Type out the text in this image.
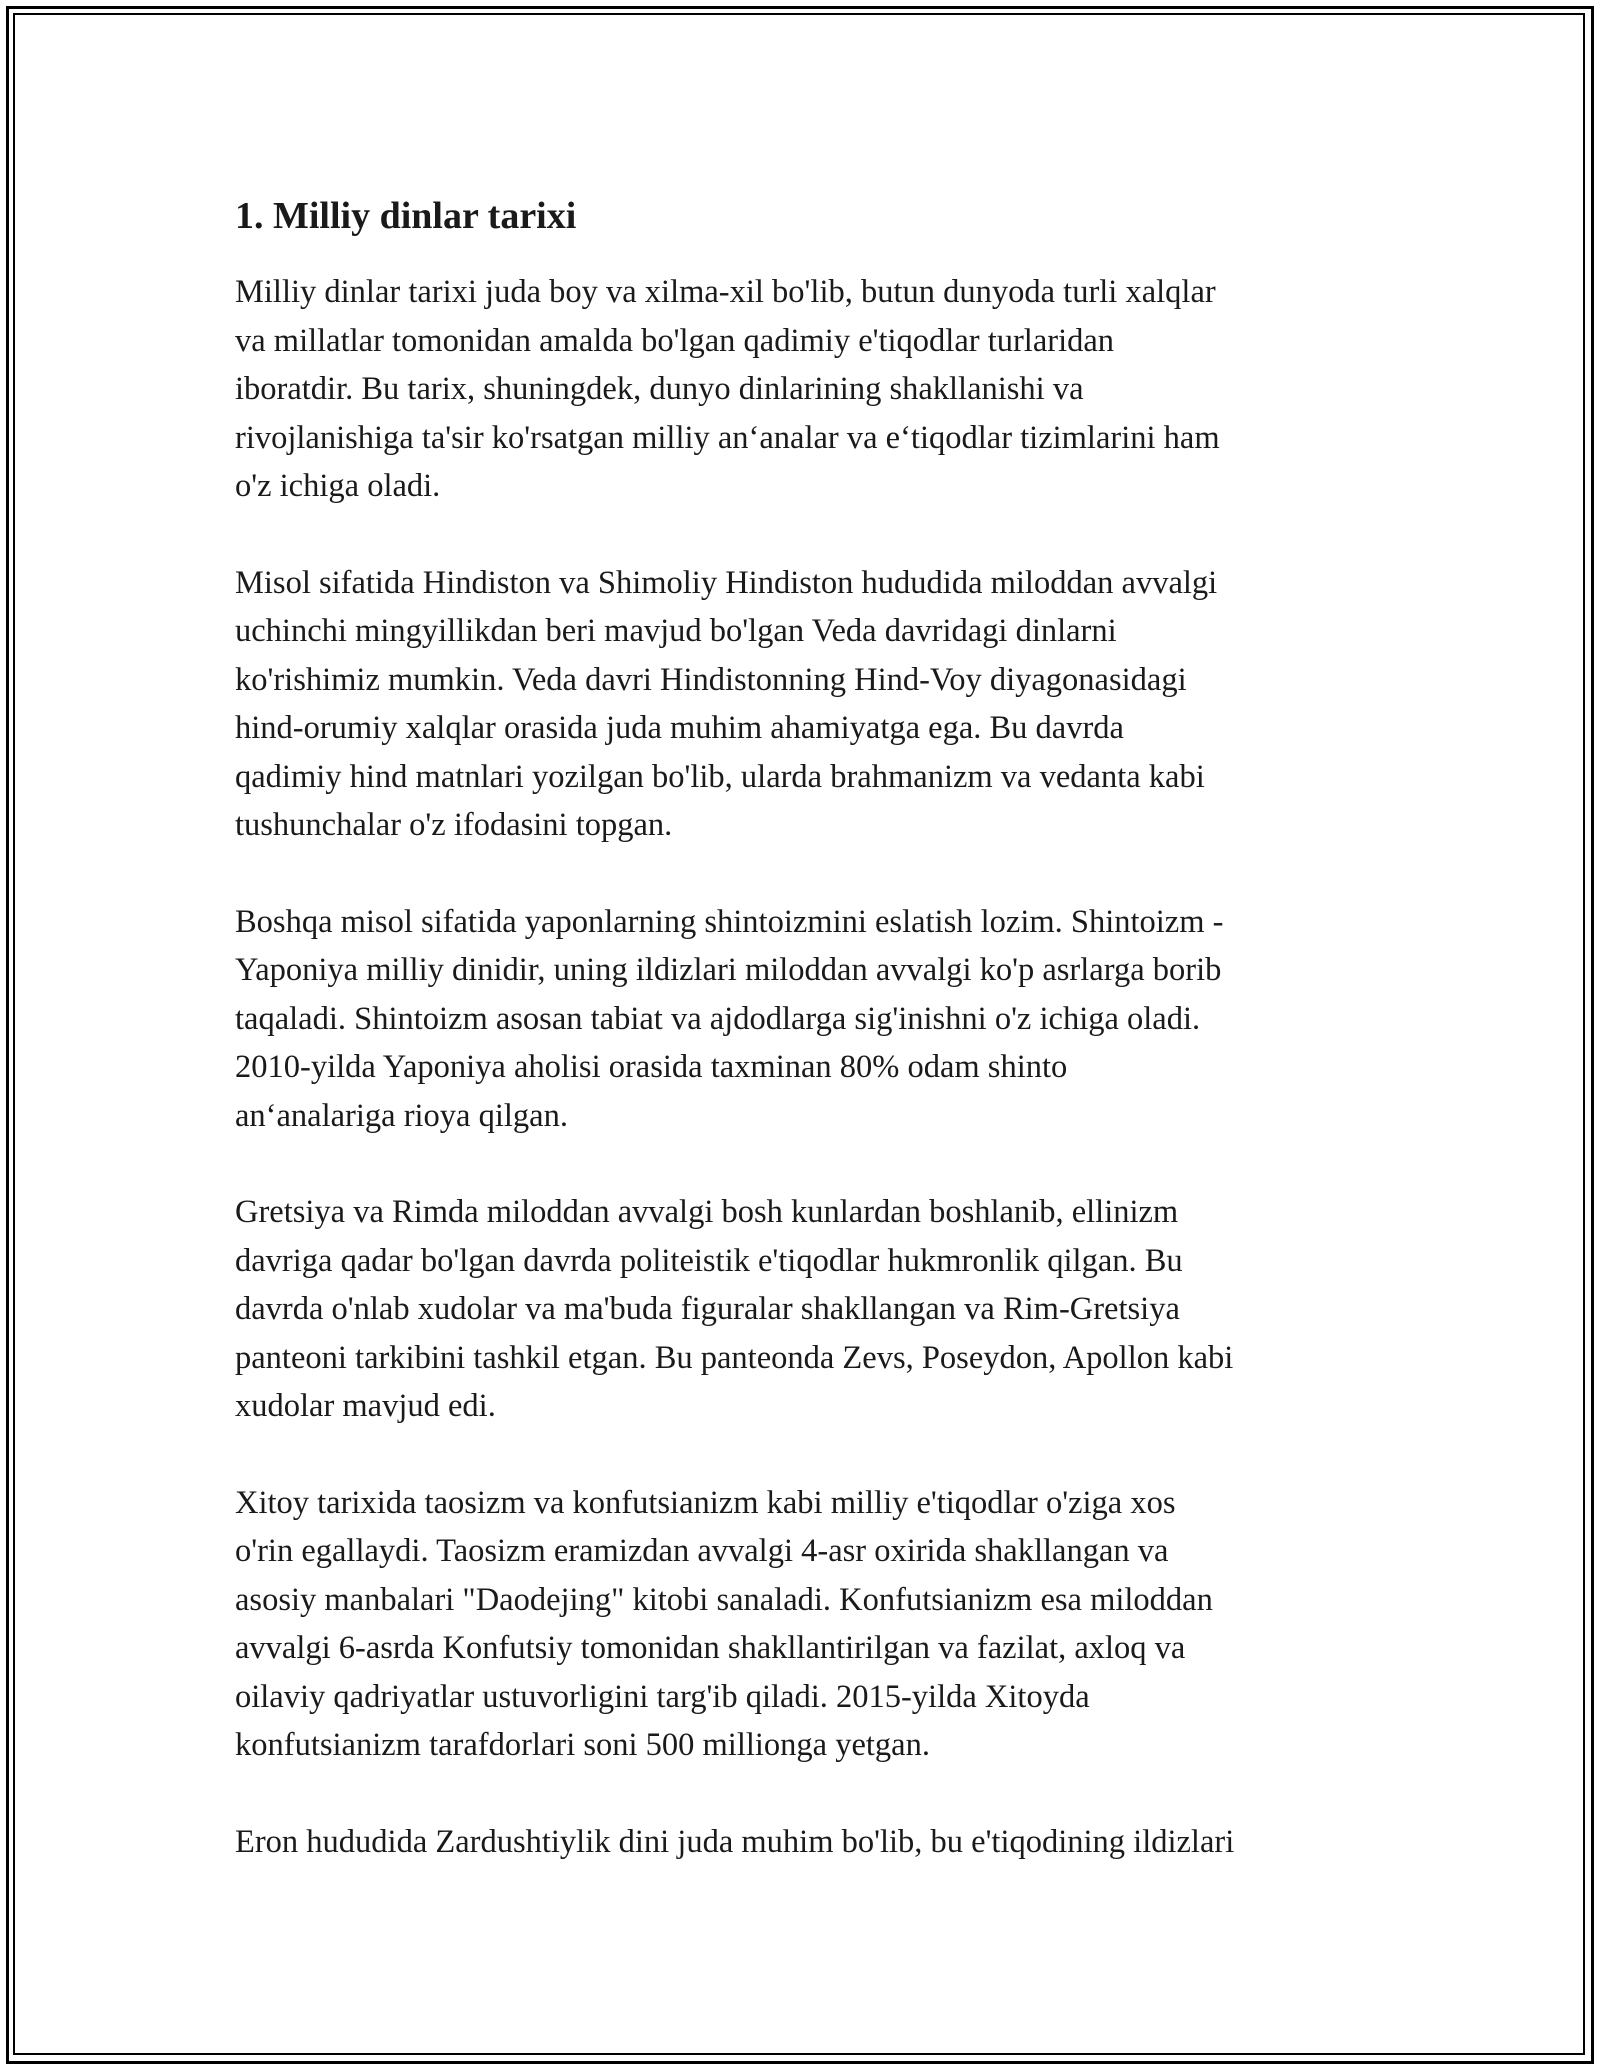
1. Milliy dinlar tarixi

Milliy dinlar tarixi juda boy va xilma-xil bo'lib, butun dunyoda turli xalqlar
va millatlar tomonidan amalda bo'lgan qadimiy e'tiqodlar turlaridan
iboratdir. Bu tarix, shuningdek, dunyo dinlarining shakllanishi va
rivojlanishiga ta'sir ko'rsatgan milliy an‘analar va e‘tiqodlar tizimlarini ham
o'z ichiga oladi.

Misol sifatida Hindiston va Shimoliy Hindiston hududida miloddan avvalgi
uchinchi mingyillikdan beri mavjud bo'lgan Veda davridagi dinlarni
ko'rishimiz mumkin. Veda davri Hindistonning Hind-Voy diyagonasidagi
hind-orumiy xalqlar orasida juda muhim ahamiyatga ega. Bu davrda
qadimiy hind matnlari yozilgan bo'lib, ularda brahmanizm va vedanta kabi
tushunchalar o'z ifodasini topgan.

Boshqa misol sifatida yaponlarning shintoizmini eslatish lozim. Shintoizm -
Yaponiya milliy dinidir, uning ildizlari miloddan avvalgi ko'p asrlarga borib
taqaladi. Shintoizm asosan tabiat va ajdodlarga sig'inishni o'z ichiga oladi.
2010-yilda Yaponiya aholisi orasida taxminan 80% odam shinto
an‘analariga rioya qilgan.

Gretsiya va Rimda miloddan avvalgi bosh kunlardan boshlanib, ellinizm
davriga qadar bo'lgan davrda politeistik e'tiqodlar hukmronlik qilgan. Bu
davrda o'nlab xudolar va ma'buda figuralar shakllangan va Rim-Gretsiya
panteoni tarkibini tashkil etgan. Bu panteonda Zevs, Poseydon, Apollon kabi
xudolar mavjud edi.

Xitoy tarixida taosizm va konfutsianizm kabi milliy e'tiqodlar o'ziga xos
o'rin egallaydi. Taosizm eramizdan avvalgi 4-asr oxirida shakllangan va
asosiy manbalari "Daodejing" kitobi sanaladi. Konfutsianizm esa miloddan
avvalgi 6-asrda Konfutsiy tomonidan shakllantirilgan va fazilat, axloq va
oilaviy qadriyatlar ustuvorligini targ'ib qiladi. 2015-yilda Xitoyda
konfutsianizm tarafdorlari soni 500 millionga yetgan.

Eron hududida Zardushtiylik dini juda muhim bo'lib, bu e'tiqodining ildizlari
